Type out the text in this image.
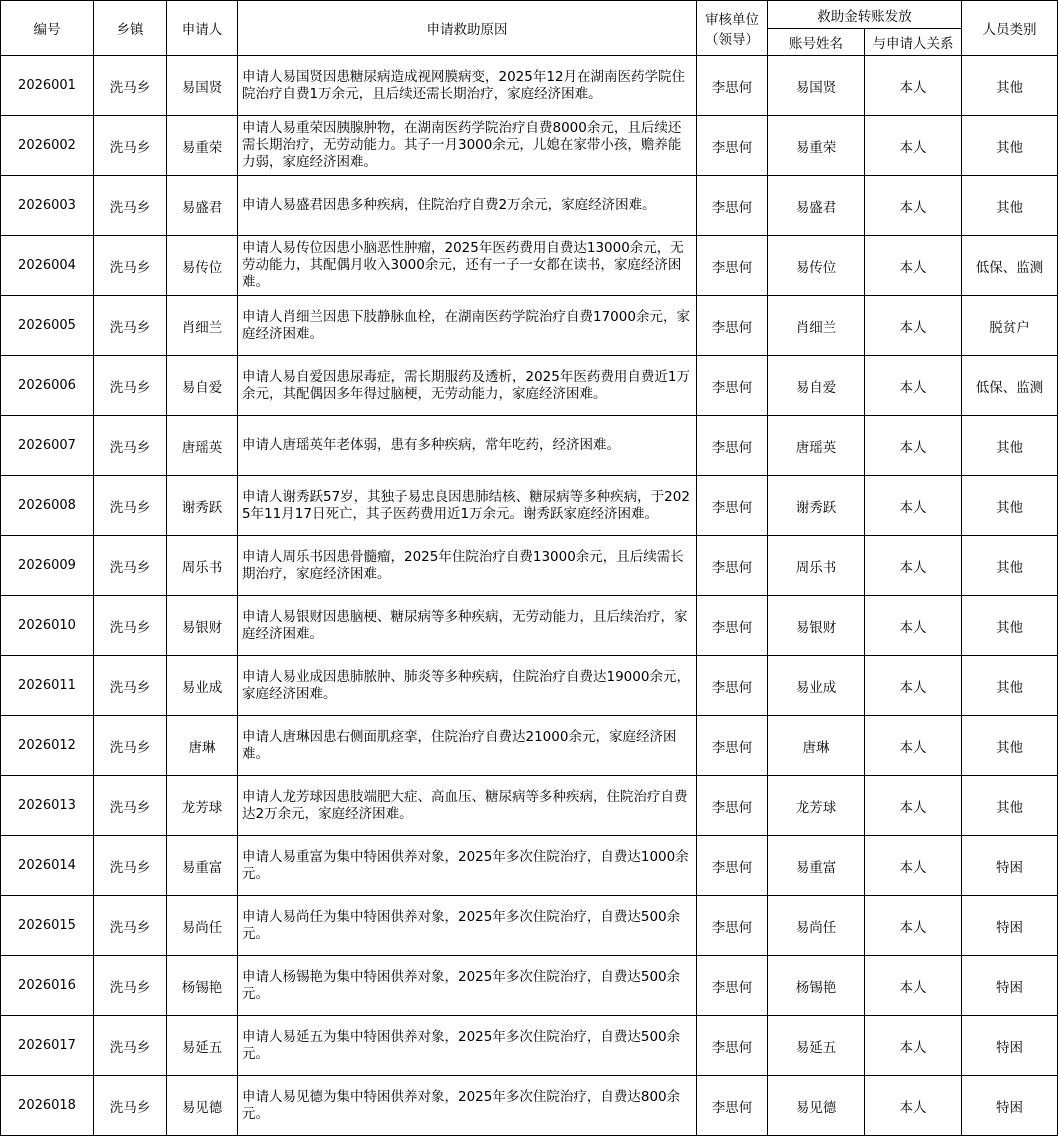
编号	乡镇	申请人	申请救助原因	审核单位（领导）	救助金转账发放		人员类别
					账号姓名	与申请人关系	
2026001	洗马乡	易国贤	申请人易国贤因患糖尿病造成视网膜病变，2025年12月在湖南医药学院住院治疗自费1万余元，且后续还需长期治疗，家庭经济困难。	李思何	易国贤	本人	其他
2026002	洗马乡	易重荣	申请人易重荣因胰腺肿物，在湖南医药学院治疗自费8000余元，且后续还需长期治疗，无劳动能力。其子一月3000余元，儿媳在家带小孩，赡养能力弱，家庭经济困难。	李思何	易重荣	本人	其他
2026003	洗马乡	易盛君	申请人易盛君因患多种疾病，住院治疗自费2万余元，家庭经济困难。	李思何	易盛君	本人	其他
2026004	洗马乡	易传位	申请人易传位因患小脑恶性肿瘤，2025年医药费用自费达13000余元，无劳动能力，其配偶月收入3000余元，还有一子一女都在读书，家庭经济困难。	李思何	易传位	本人	低保、监测
2026005	洗马乡	肖细兰	申请人肖细兰因患下肢静脉血栓，在湖南医药学院治疗自费17000余元，家庭经济困难。	李思何	肖细兰	本人	脱贫户
2026006	洗马乡	易自爱	申请人易自爱因患尿毒症，需长期服药及透析，2025年医药费用自费近1万余元，其配偶因多年得过脑梗，无劳动能力，家庭经济困难。	李思何	易自爱	本人	低保、监测
2026007	洗马乡	唐瑶英	申请人唐瑶英年老体弱，患有多种疾病，常年吃药，经济困难。	李思何	唐瑶英	本人	其他
2026008	洗马乡	谢秀跃	申请人谢秀跃57岁，其独子易忠良因患肺结核、糖尿病等多种疾病，于2025年11月17日死亡，其子医药费用近1万余元。谢秀跃家庭经济困难。	李思何	谢秀跃	本人	其他
2026009	洗马乡	周乐书	申请人周乐书因患骨髓瘤，2025年住院治疗自费13000余元，且后续需长期治疗，家庭经济困难。	李思何	周乐书	本人	其他
2026010	洗马乡	易银财	申请人易银财因患脑梗、糖尿病等多种疾病，无劳动能力，且后续治疗，家庭经济困难。	李思何	易银财	本人	其他
2026011	洗马乡	易业成	申请人易业成因患肺脓肿、肺炎等多种疾病，住院治疗自费达19000余元，家庭经济困难。	李思何	易业成	本人	其他
2026012	洗马乡	唐琳	申请人唐琳因患右侧面肌痉挛，住院治疗自费达21000余元，家庭经济困难。	李思何	唐琳	本人	其他
2026013	洗马乡	龙芳球	申请人龙芳球因患肢端肥大症、高血压、糖尿病等多种疾病，住院治疗自费达2万余元，家庭经济困难。	李思何	龙芳球	本人	其他
2026014	洗马乡	易重富	申请人易重富为集中特困供养对象，2025年多次住院治疗，自费达1000余元。	李思何	易重富	本人	特困
2026015	洗马乡	易尚任	申请人易尚任为集中特困供养对象，2025年多次住院治疗，自费达500余元。	李思何	易尚任	本人	特困
2026016	洗马乡	杨锡艳	申请人杨锡艳为集中特困供养对象，2025年多次住院治疗，自费达500余元。	李思何	杨锡艳	本人	特困
2026017	洗马乡	易延五	申请人易延五为集中特困供养对象，2025年多次住院治疗，自费达500余元。	李思何	易延五	本人	特困
2026018	洗马乡	易见德	申请人易见德为集中特困供养对象，2025年多次住院治疗，自费达800余元。	李思何	易见德	本人	特困
